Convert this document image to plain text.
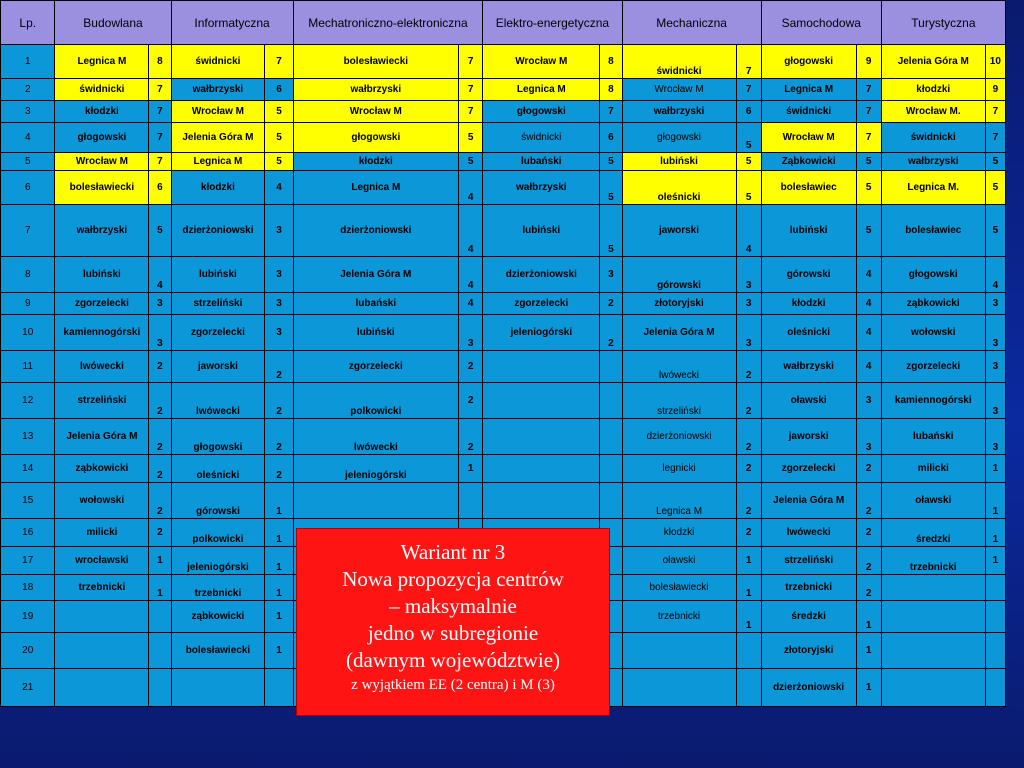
Lp.	Budowlana		Informatyczna		Mechatroniczno-elektroniczna		Elektro-energetyczna		Mechaniczna		Samochodowa		Turystyczna	
1	Legnica M	8	świdnicki	7	bolesławiecki	7	Wrocław M	8	świdnicki	7	głogowski	9	Jelenia Góra M	10
2	świdnicki	7	wałbrzyski	6	wałbrzyski	7	Legnica M	8	Wrocław M	7	Legnica M	7	kłodzki	9
3	kłodzki	7	Wrocław M	5	Wrocław M	7	głogowski	7	wałbrzyski	6	świdnicki	7	Wrocław M.	7
4	głogowski	7	Jelenia Góra M	5	głogowski	5	świdnicki	6	głogowski	5	Wrocław M	7	świdnicki	7
5	Wrocław M	7	Legnica M	5	kłodzki	5	lubański	5	lubiński	5	Ząbkowicki	5	wałbrzyski	5
6	bolesławiecki	6	kłodzki	4	Legnica M	4	wałbrzyski	5	oleśnicki	5	bolesławiec	5	Legnica M.	5
7	wałbrzyski	5	dzierżoniowski	3	dzierżoniowski	4	lubiński	5	jaworski	4	lubiński	5	bolesławiec	5
8	lubiński	4	lubiński	3	Jelenia Góra M	4	dzierżoniowski	3	górowski	3	górowski	4	głogowski	4
9	zgorzelecki	3	strzeliński	3	lubański	4	zgorzelecki	2	złotoryjski	3	kłodzki	4	ząbkowicki	3
10	kamiennogórski	3	zgorzelecki	3	lubiński	3	jeleniogórski	2	Jelenia Góra M	3	oleśnicki	4	wołowski	3
11	lwówecki	2	jaworski	2	zgorzelecki	2			lwówecki	2	wałbrzyski	4	zgorzelecki	3
12	strzeliński	2	lwówecki	2	polkowicki	2			strzeliński	2	oławski	3	kamiennogórski	3
13	Jelenia Góra M	2	głogowski	2	lwówecki	2			dzierżoniowski	2	jaworski	3	lubański	3
14	ząbkowicki	2	oleśnicki	2	jeleniogórski	1			legnicki	2	zgorzelecki	2	milicki	1
15	wołowski	2	górowski	1					Legnica M	2	Jelenia Góra M	2	oławski	1
16	milicki	2	polkowicki	1					kłodzki	2	lwówecki	2	średzki	1
17	wrocławski	1	jeleniogórski	1					oławski	1	strzeliński	2	trzebnicki	1
18	trzebnicki	1	trzebnicki	1					bolesławiecki	1	trzebnicki	2		
19			ząbkowicki	1					trzebnicki	1	średzki	1		
20			bolesławiecki	1							złotoryjski	1		
21											dzierżoniowski	1		
Wariant nr 3
Nowa propozycja centrów
– maksymalnie
jedno w subregionie
(dawnym województwie)
z wyjątkiem EE (2 centra) i M (3)
